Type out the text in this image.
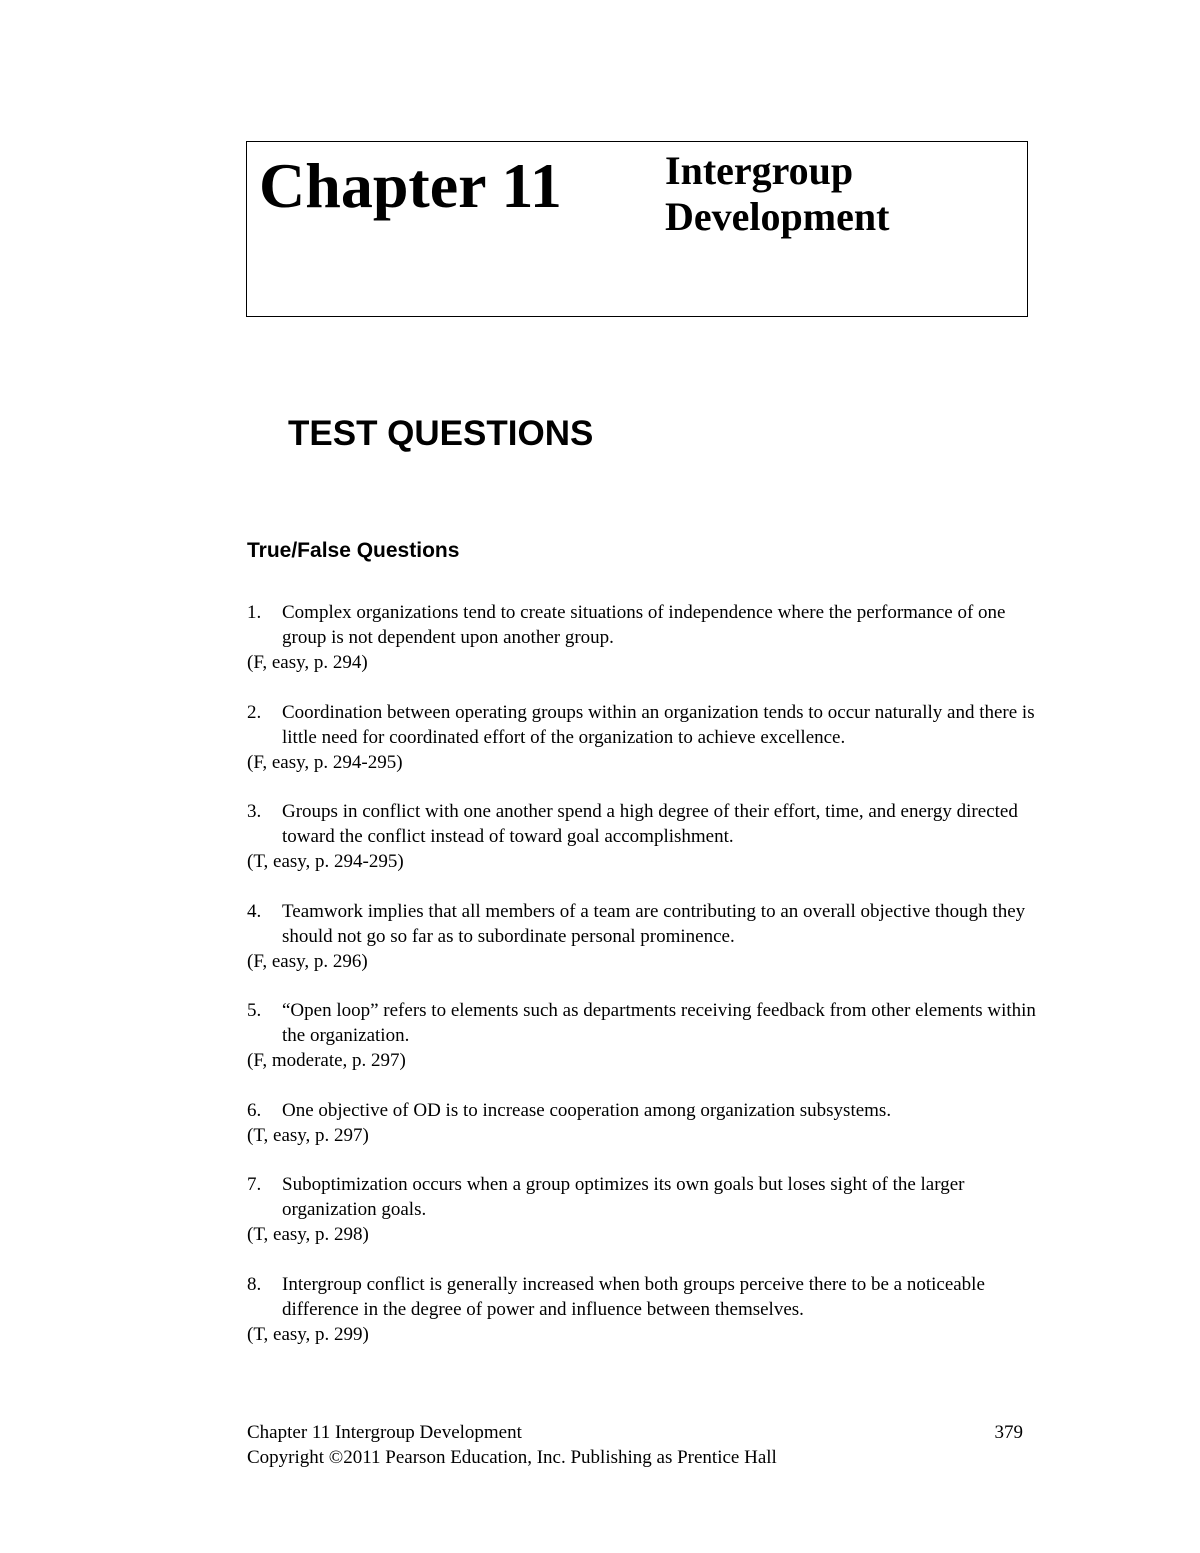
Chapter 11	Intergroup
Development
TEST QUESTIONS
True/False Questions
1.	Complex organizations tend to create situations of independence where the performance of one group is not dependent upon another group.
(F, easy, p. 294)
2.	Coordination between operating groups within an organization tends to occur naturally and there is little need for coordinated effort of the organization to achieve excellence.
(F, easy, p. 294-295)
3.	Groups in conflict with one another spend a high degree of their effort, time, and energy directed toward the conflict instead of toward goal accomplishment.
(T, easy, p. 294-295)
4.	Teamwork implies that all members of a team are contributing to an overall objective though they should not go so far as to subordinate personal prominence.
(F, easy, p. 296)
5.	“Open loop” refers to elements such as departments receiving feedback from other elements within the organization.
(F, moderate, p. 297)
6.	One objective of OD is to increase cooperation among organization subsystems.
(T, easy, p. 297)
7.	Suboptimization occurs when a group optimizes its own goals but loses sight of the larger organization goals.
(T, easy, p. 298)
8.	Intergroup conflict is generally increased when both groups perceive there to be a noticeable difference in the degree of power and influence between themselves.
(T, easy, p. 299)
Chapter 11 Intergroup Development	379
Copyright ©2011 Pearson Education, Inc. Publishing as Prentice Hall
